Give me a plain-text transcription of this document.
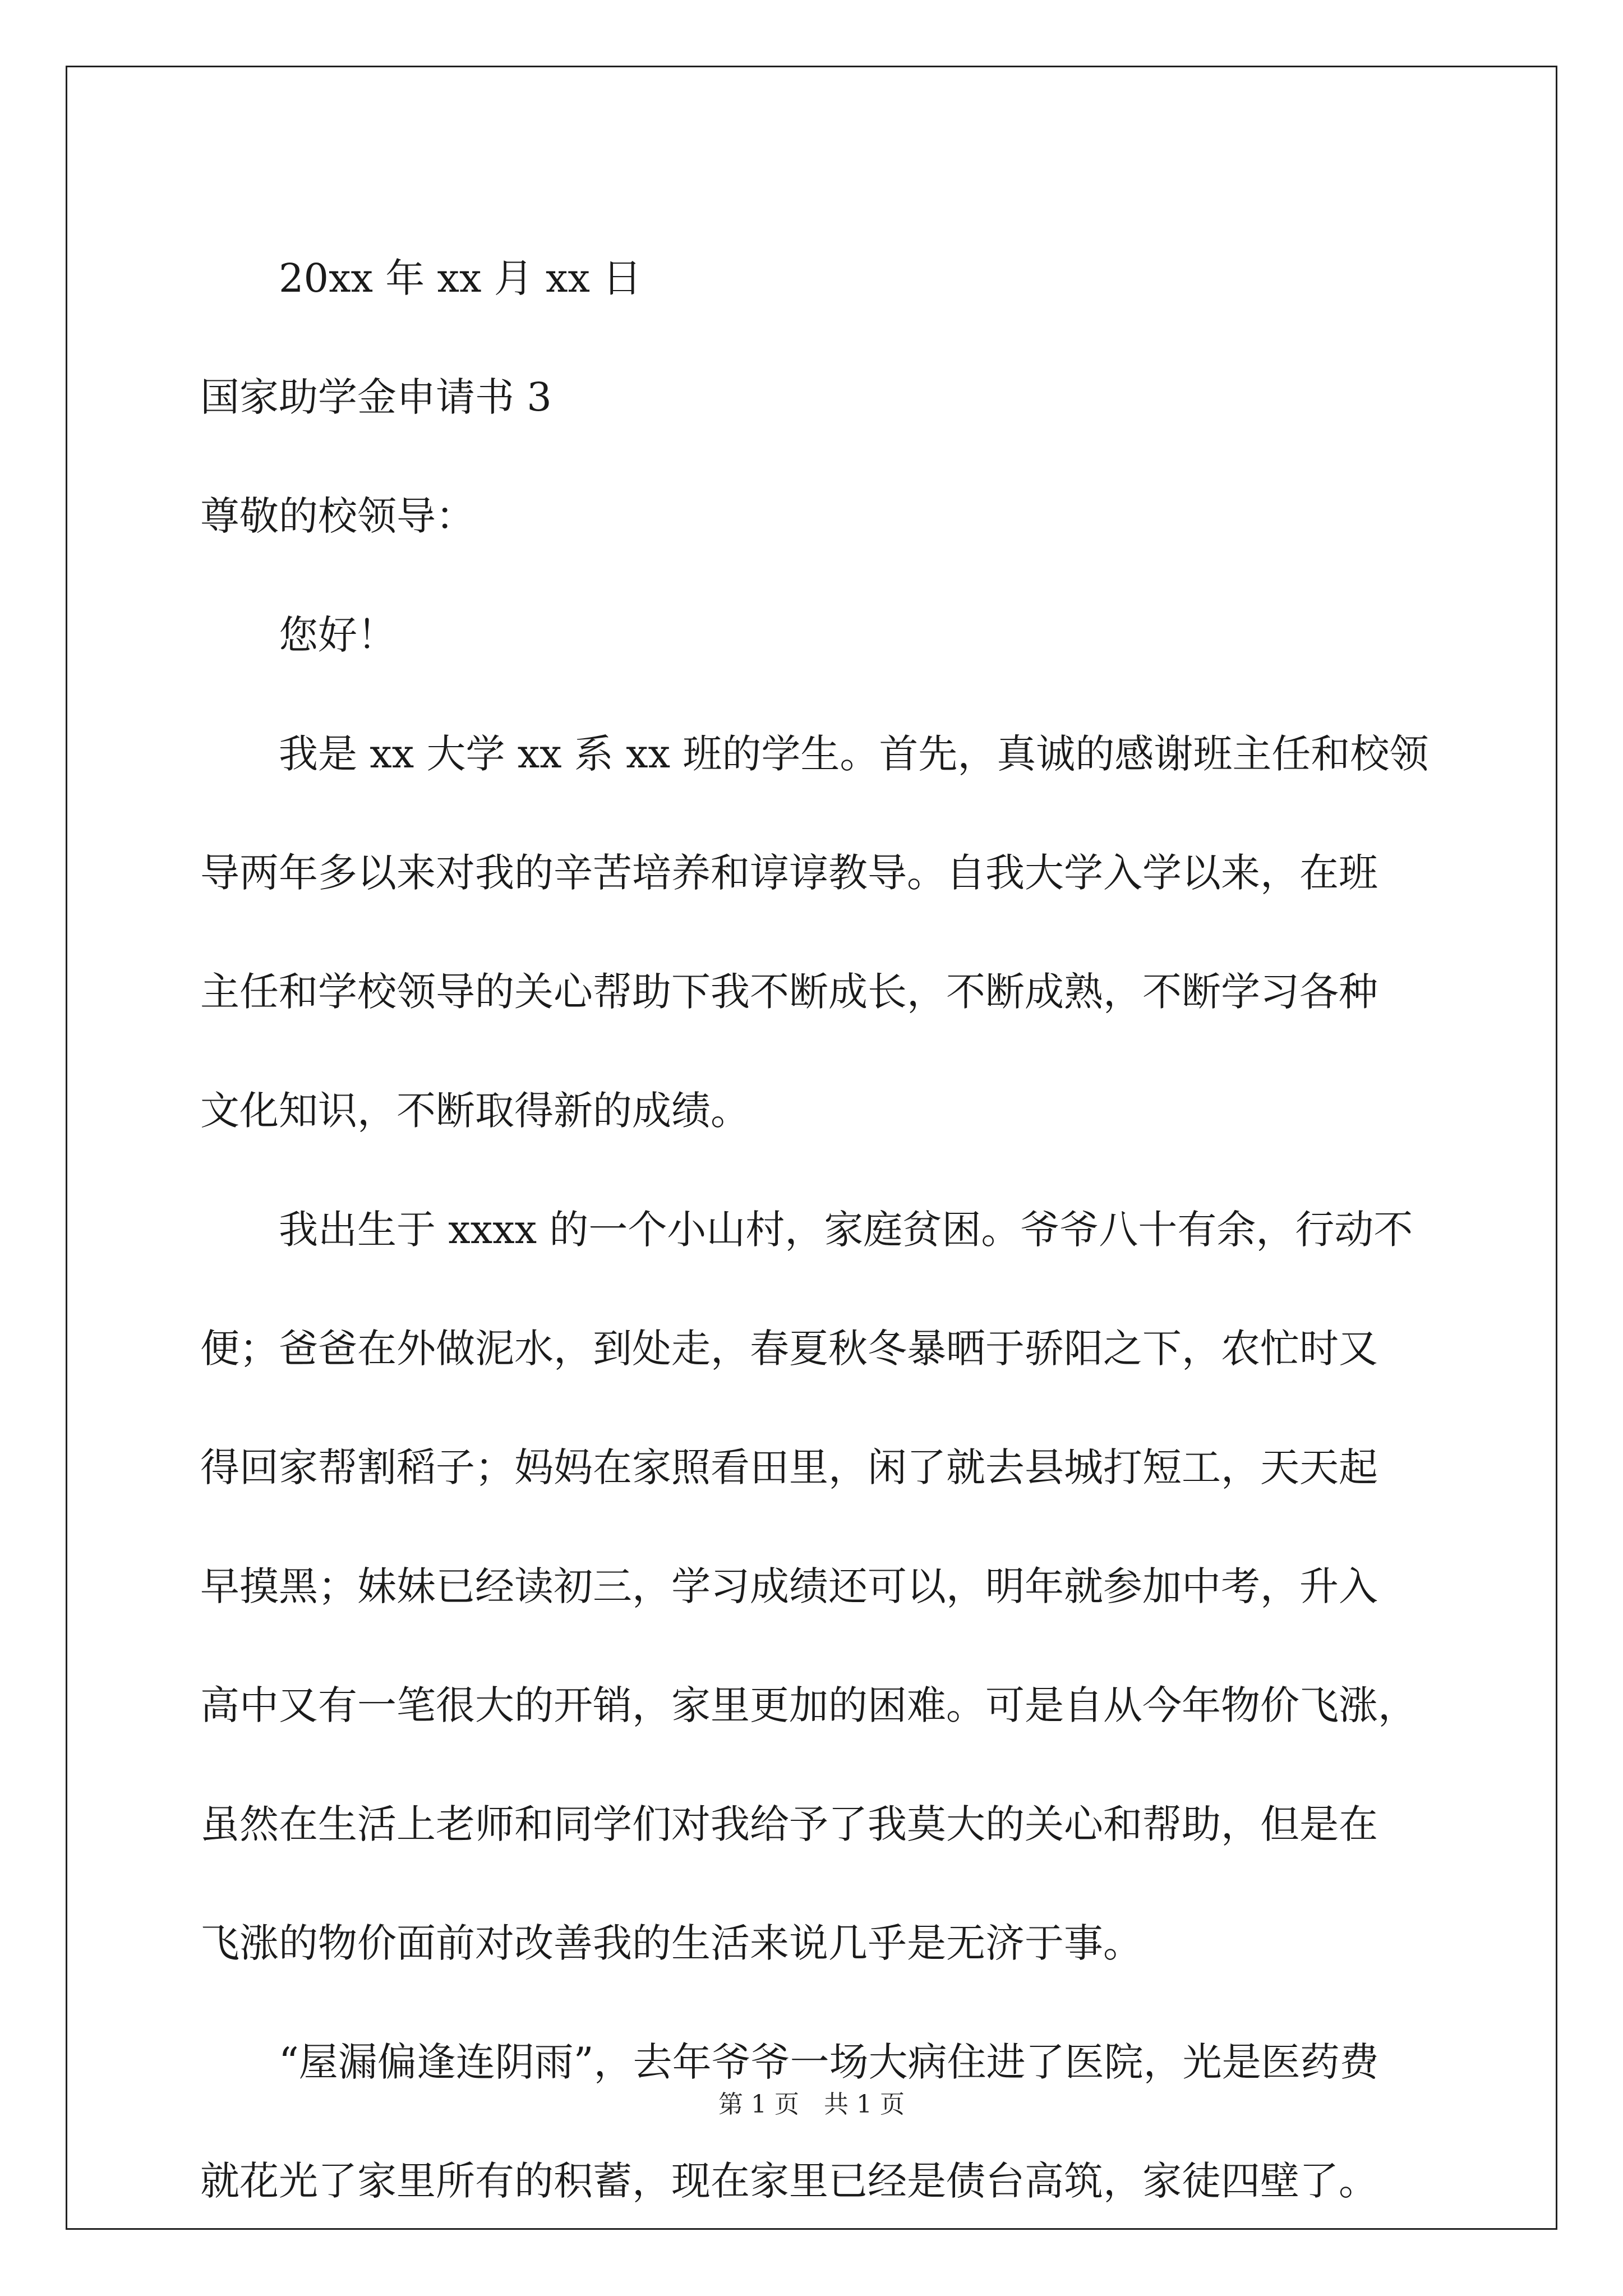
20xx 年 xx 月 xx 日
国家助学金申请书 3
尊敬的校领导：
您好！
我是 xx 大学 xx 系 xx 班的学生。首先，真诚的感谢班主任和校领
导两年多以来对我的辛苦培养和谆谆教导。自我大学入学以来，在班
主任和学校领导的关心帮助下我不断成长，不断成熟，不断学习各种
文化知识，不断取得新的成绩。
我出生于 xxxx 的一个小山村，家庭贫困。爷爷八十有余，行动不
便；爸爸在外做泥水，到处走，春夏秋冬暴晒于骄阳之下，农忙时又
得回家帮割稻子；妈妈在家照看田里，闲了就去县城打短工，天天起
早摸黑；妹妹已经读初三，学习成绩还可以，明年就参加中考，升入
高中又有一笔很大的开销，家里更加的困难。可是自从今年物价飞涨，
虽然在生活上老师和同学们对我给予了我莫大的关心和帮助，但是在
飞涨的物价面前对改善我的生活来说几乎是无济于事。
“屋漏偏逢连阴雨”，去年爷爷一场大病住进了医院，光是医药费
就花光了家里所有的积蓄，现在家里已经是债台高筑，家徒四壁了。
第 1 页　共 1 页
